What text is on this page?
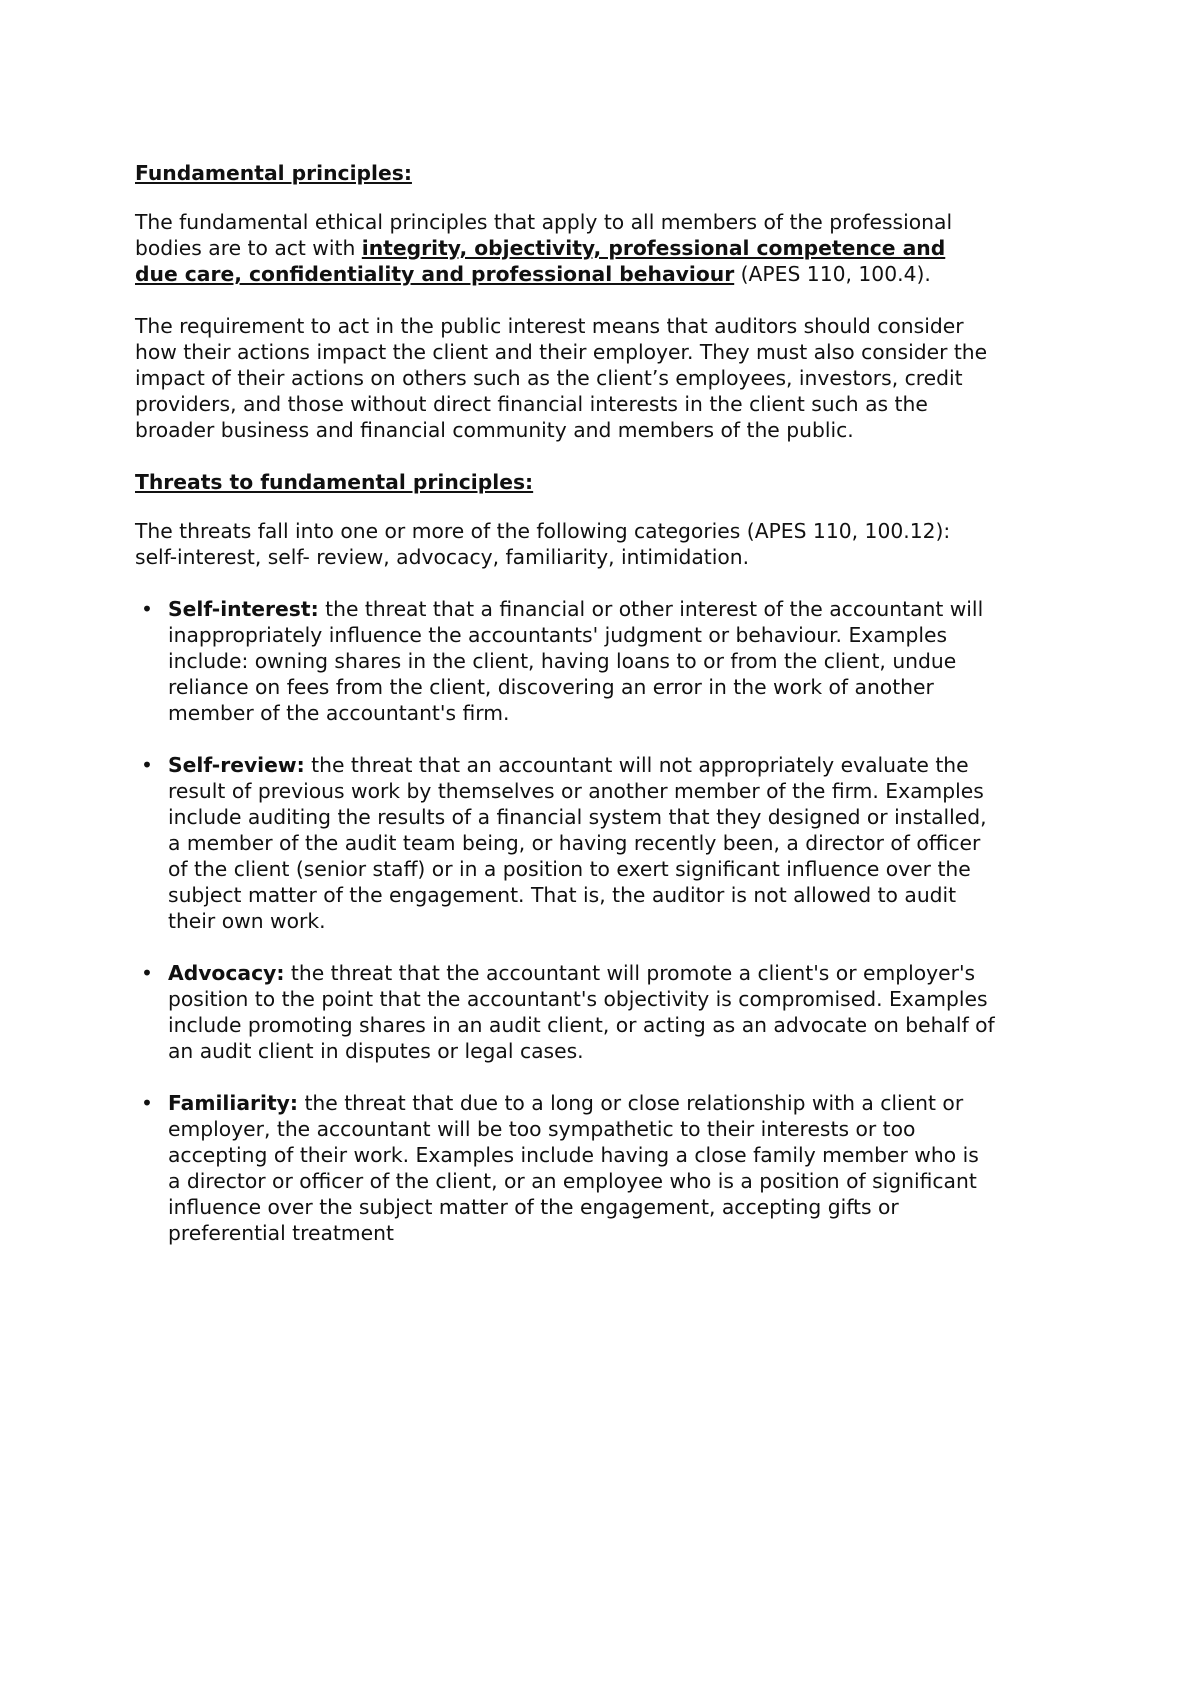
Fundamental principles:

The fundamental ethical principles that apply to all members of the professional bodies are to act with integrity, objectivity, professional competence and due care, confidentiality and professional behaviour (APES 110, 100.4).

The requirement to act in the public interest means that auditors should consider how their actions impact the client and their employer. They must also consider the impact of their actions on others such as the client’s employees, investors, credit providers, and those without direct financial interests in the client such as the broader business and financial community and members of the public.

Threats to fundamental principles:

The threats fall into one or more of the following categories (APES 110, 100.12): self-interest, self- review, advocacy, familiarity, intimidation.

• Self-interest: the threat that a financial or other interest of the accountant will inappropriately influence the accountants' judgment or behaviour. Examples include: owning shares in the client, having loans to or from the client, undue reliance on fees from the client, discovering an error in the work of another member of the accountant's firm.
• Self-review: the threat that an accountant will not appropriately evaluate the result of previous work by themselves or another member of the firm. Examples include auditing the results of a financial system that they designed or installed, a member of the audit team being, or having recently been, a director of officer of the client (senior staff) or in a position to exert significant influence over the subject matter of the engagement. That is, the auditor is not allowed to audit their own work.
• Advocacy: the threat that the accountant will promote a client's or employer's position to the point that the accountant's objectivity is compromised. Examples include promoting shares in an audit client, or acting as an advocate on behalf of an audit client in disputes or legal cases.
• Familiarity: the threat that due to a long or close relationship with a client or employer, the accountant will be too sympathetic to their interests or too accepting of their work. Examples include having a close family member who is a director or officer of the client, or an employee who is a position of significant influence over the subject matter of the engagement, accepting gifts or preferential treatment
